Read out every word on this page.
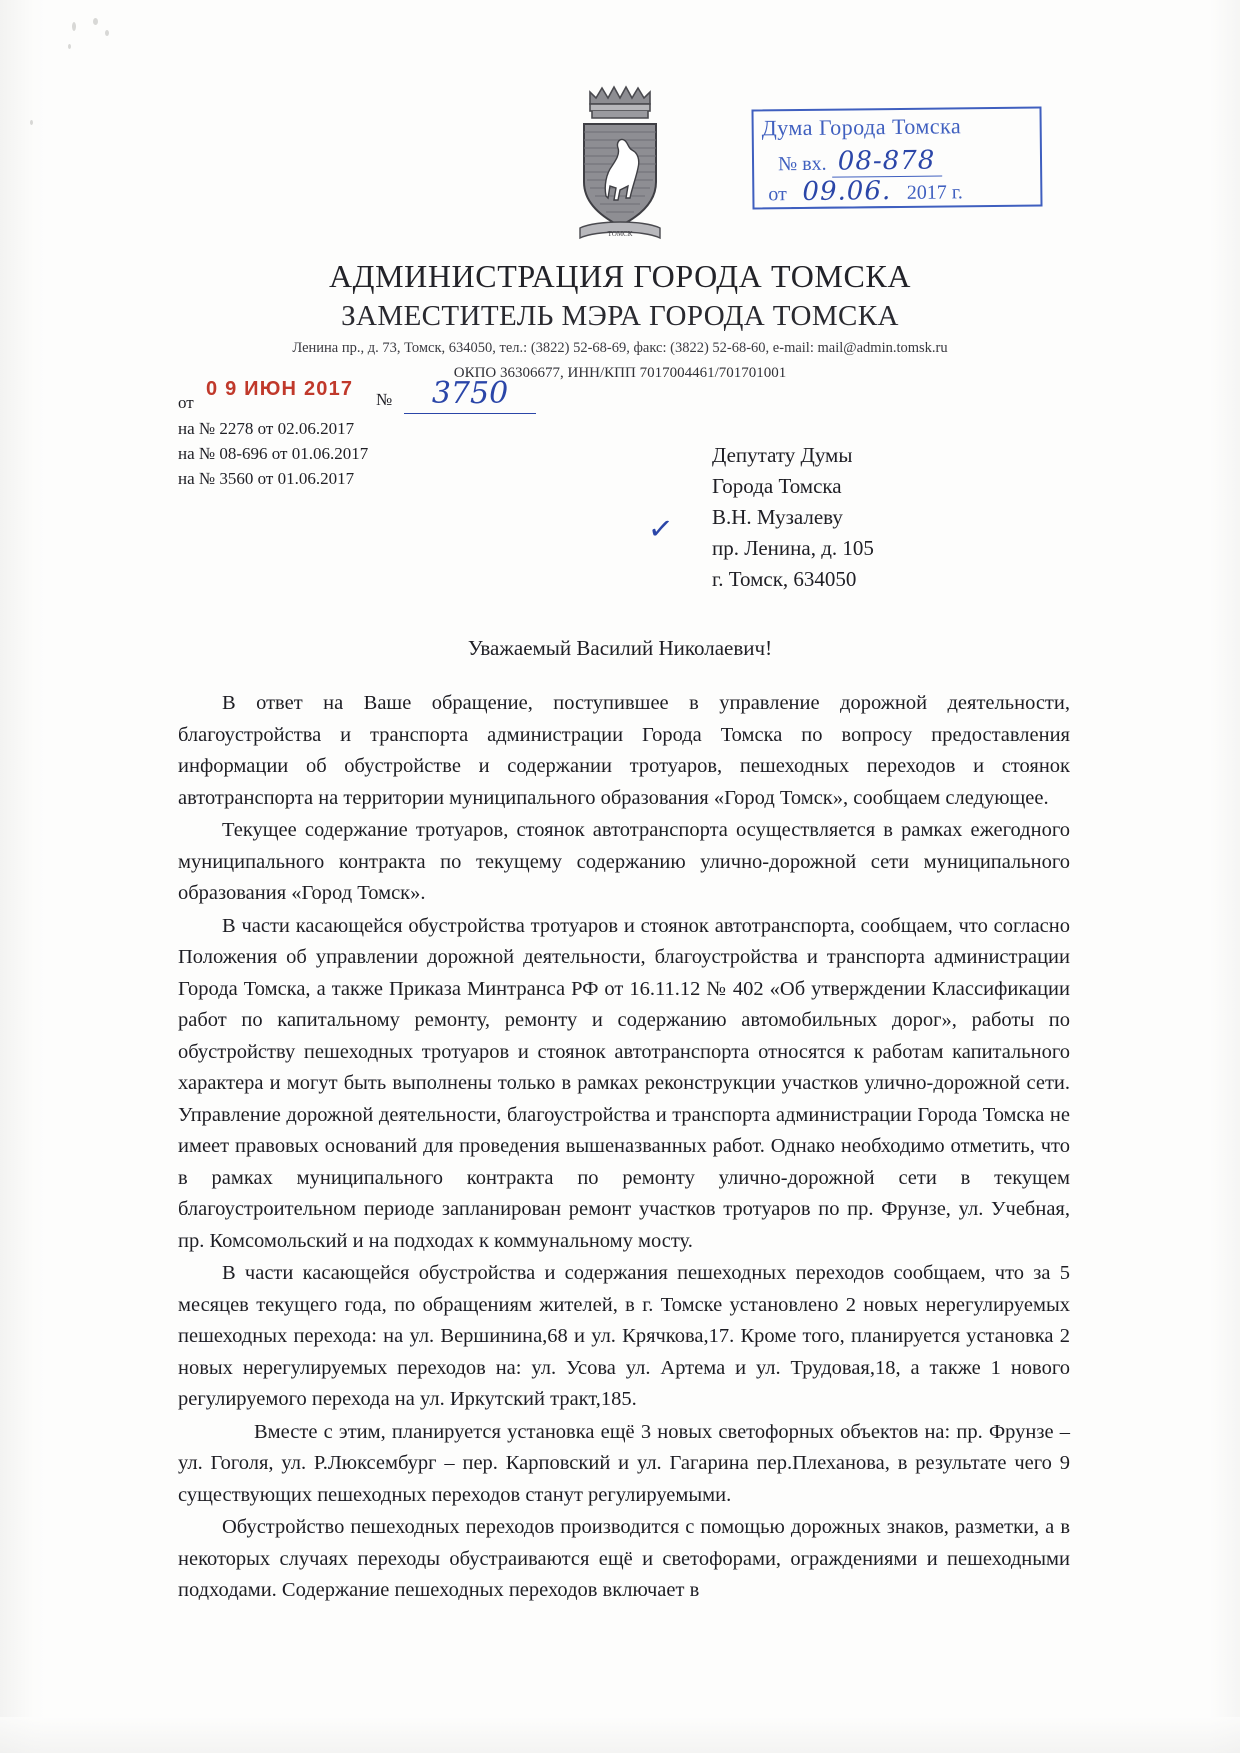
ТОМСК
Дума Города Томска
№ вх. 08-878
от 09.06. 2017 г.
АДМИНИСТРАЦИЯ ГОРОДА ТОМСКА
ЗАМЕСТИТЕЛЬ МЭРА ГОРОДА ТОМСКА
Ленина пр., д. 73, Томск, 634050, тел.: (3822) 52-68-69, факс: (3822) 52-68-60, e-mail: mail@admin.tomsk.ru
ОКПО 36306677, ИНН/КПП 7017004461/701701001
от
0 9 ИЮН 2017 №	3750
на № 2278 от 02.06.2017
на № 08-696 от 01.06.2017
на № 3560 от 01.06.2017
✓
Депутату Думы
Города Томска
В.Н. Музалеву
пр. Ленина, д. 105
г. Томск, 634050
Уважаемый Василий Николаевич!

В ответ на Ваше обращение, поступившее в управление дорожной деятельности, благоустройства и транспорта администрации Города Томска по вопросу предоставления информации об обустройстве и содержании тротуаров, пешеходных переходов и стоянок автотранспорта на территории муниципального образования «Город Томск», сообщаем следующее.

Текущее содержание тротуаров, стоянок автотранспорта осуществляется в рамках ежегодного муниципального контракта по текущему содержанию улично-дорожной сети муниципального образования «Город Томск».

В части касающейся обустройства тротуаров и стоянок автотранспорта, сообщаем, что согласно Положения об управлении дорожной деятельности, благоустройства и транспорта администрации Города Томска, а также Приказа Минтранса РФ от 16.11.12 № 402 «Об утверждении Классификации работ по капитальному ремонту, ремонту и содержанию автомобильных дорог», работы по обустройству пешеходных тротуаров и стоянок автотранспорта относятся к работам капитального характера и могут быть выполнены только в рамках реконструкции участков улично-дорожной сети. Управление дорожной деятельности, благоустройства и транспорта администрации Города Томска не имеет правовых оснований для проведения вышеназванных работ. Однако необходимо отметить, что в рамках муниципального контракта по ремонту улично-дорожной сети в текущем благоустроительном периоде запланирован ремонт участков тротуаров по пр. Фрунзе, ул. Учебная, пр. Комсомольский и на подходах к коммунальному мосту.

В части касающейся обустройства и содержания пешеходных переходов сообщаем, что за 5 месяцев текущего года, по обращениям жителей, в г. Томске установлено 2 новых нерегулируемых пешеходных перехода: на ул. Вершинина,68 и ул. Крячкова,17. Кроме того, планируется установка 2 новых нерегулируемых переходов на: ул. Усова ул. Артема и ул. Трудовая,18, а также 1 нового регулируемого перехода на ул. Иркутский тракт,185.

Вместе с этим, планируется установка ещё 3 новых светофорных объектов на: пр. Фрунзе – ул. Гоголя, ул. Р.Люксембург – пер. Карповский и ул. Гагарина пер.Плеханова, в результате чего 9 существующих пешеходных переходов станут регулируемыми.

Обустройство пешеходных переходов производится с помощью дорожных знаков, разметки, а в некоторых случаях переходы обустраиваются ещё и светофорами, ограждениями и пешеходными подходами. Содержание пешеходных переходов включает в
